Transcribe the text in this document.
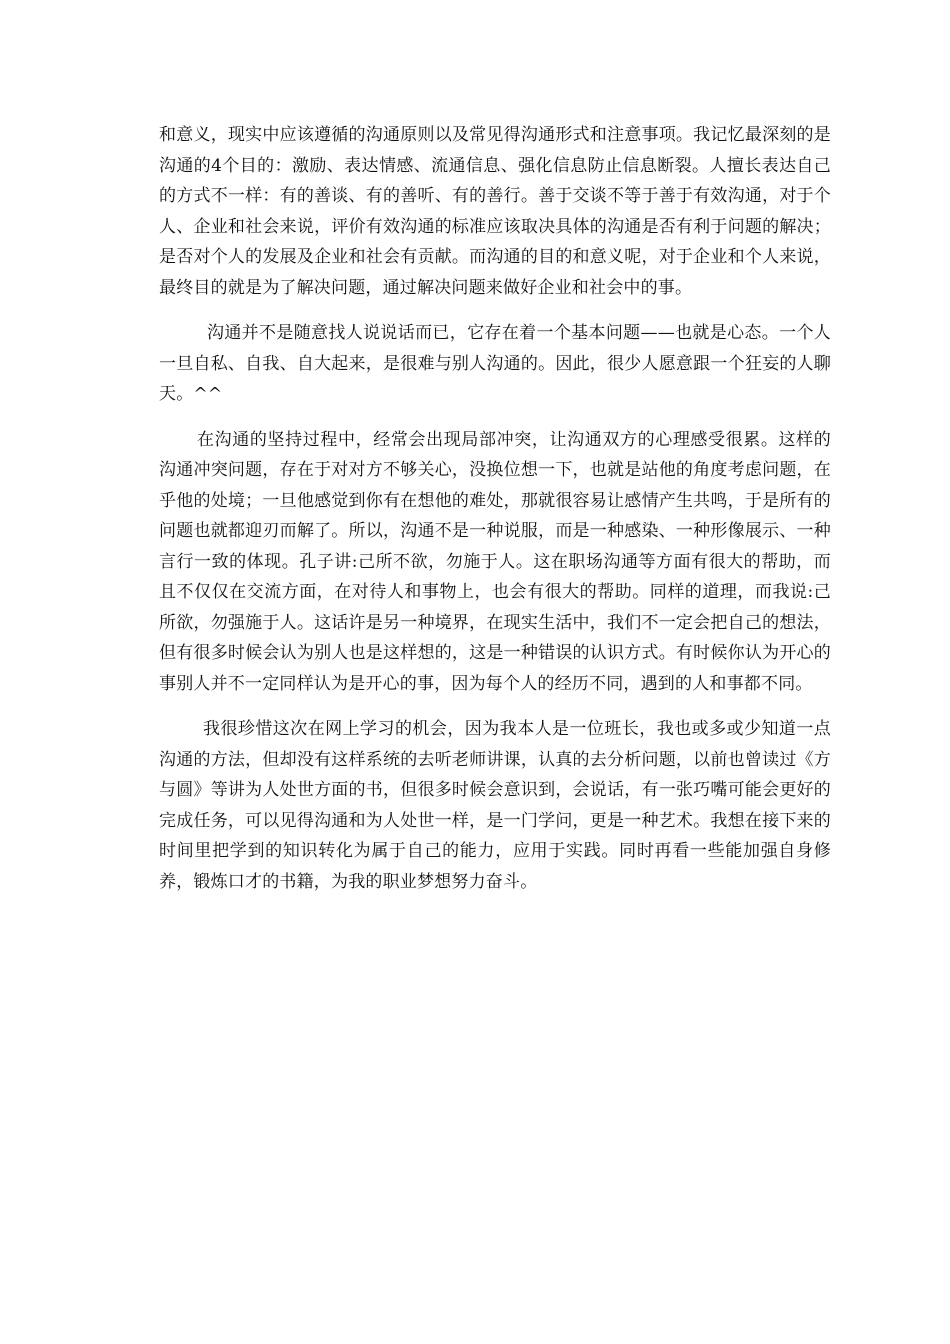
和意义，现实中应该遵循的沟通原则以及常见得沟通形式和注意事项。我记忆最深刻的是沟通的4个目的：激励、表达情感、流通信息、强化信息防止信息断裂。人擅长表达自己的方式不一样：有的善谈、有的善听、有的善行。善于交谈不等于善于有效沟通，对于个人、企业和社会来说，评价有效沟通的标准应该取决具体的沟通是否有利于问题的解决；是否对个人的发展及企业和社会有贡献。而沟通的目的和意义呢，对于企业和个人来说，最终目的就是为了解决问题，通过解决问题来做好企业和社会中的事。

沟通并不是随意找人说说话而已，它存在着一个基本问题——也就是心态。一个人一旦自私、自我、自大起来，是很难与别人沟通的。因此，很少人愿意跟一个狂妄的人聊天。^^

在沟通的坚持过程中，经常会出现局部冲突，让沟通双方的心理感受很累。这样的沟通冲突问题，存在于对对方不够关心，没换位想一下，也就是站他的角度考虑问题，在乎他的处境；一旦他感觉到你有在想他的难处，那就很容易让感情产生共鸣，于是所有的问题也就都迎刃而解了。所以，沟通不是一种说服，而是一种感染、一种形像展示、一种言行一致的体现。孔子讲:己所不欲，勿施于人。这在职场沟通等方面有很大的帮助，而且不仅仅在交流方面，在对待人和事物上，也会有很大的帮助。同样的道理，而我说:己所欲，勿强施于人。这话许是另一种境界，在现实生活中，我们不一定会把自己的想法，但有很多时候会认为别人也是这样想的，这是一种错误的认识方式。有时候你认为开心的事别人并不一定同样认为是开心的事，因为每个人的经历不同，遇到的人和事都不同。

我很珍惜这次在网上学习的机会，因为我本人是一位班长，我也或多或少知道一点沟通的方法，但却没有这样系统的去听老师讲课，认真的去分析问题，以前也曾读过《方与圆》等讲为人处世方面的书，但很多时候会意识到，会说话，有一张巧嘴可能会更好的完成任务，可以见得沟通和为人处世一样，是一门学问，更是一种艺术。我想在接下来的时间里把学到的知识转化为属于自己的能力，应用于实践。同时再看一些能加强自身修养，锻炼口才的书籍，为我的职业梦想努力奋斗。
